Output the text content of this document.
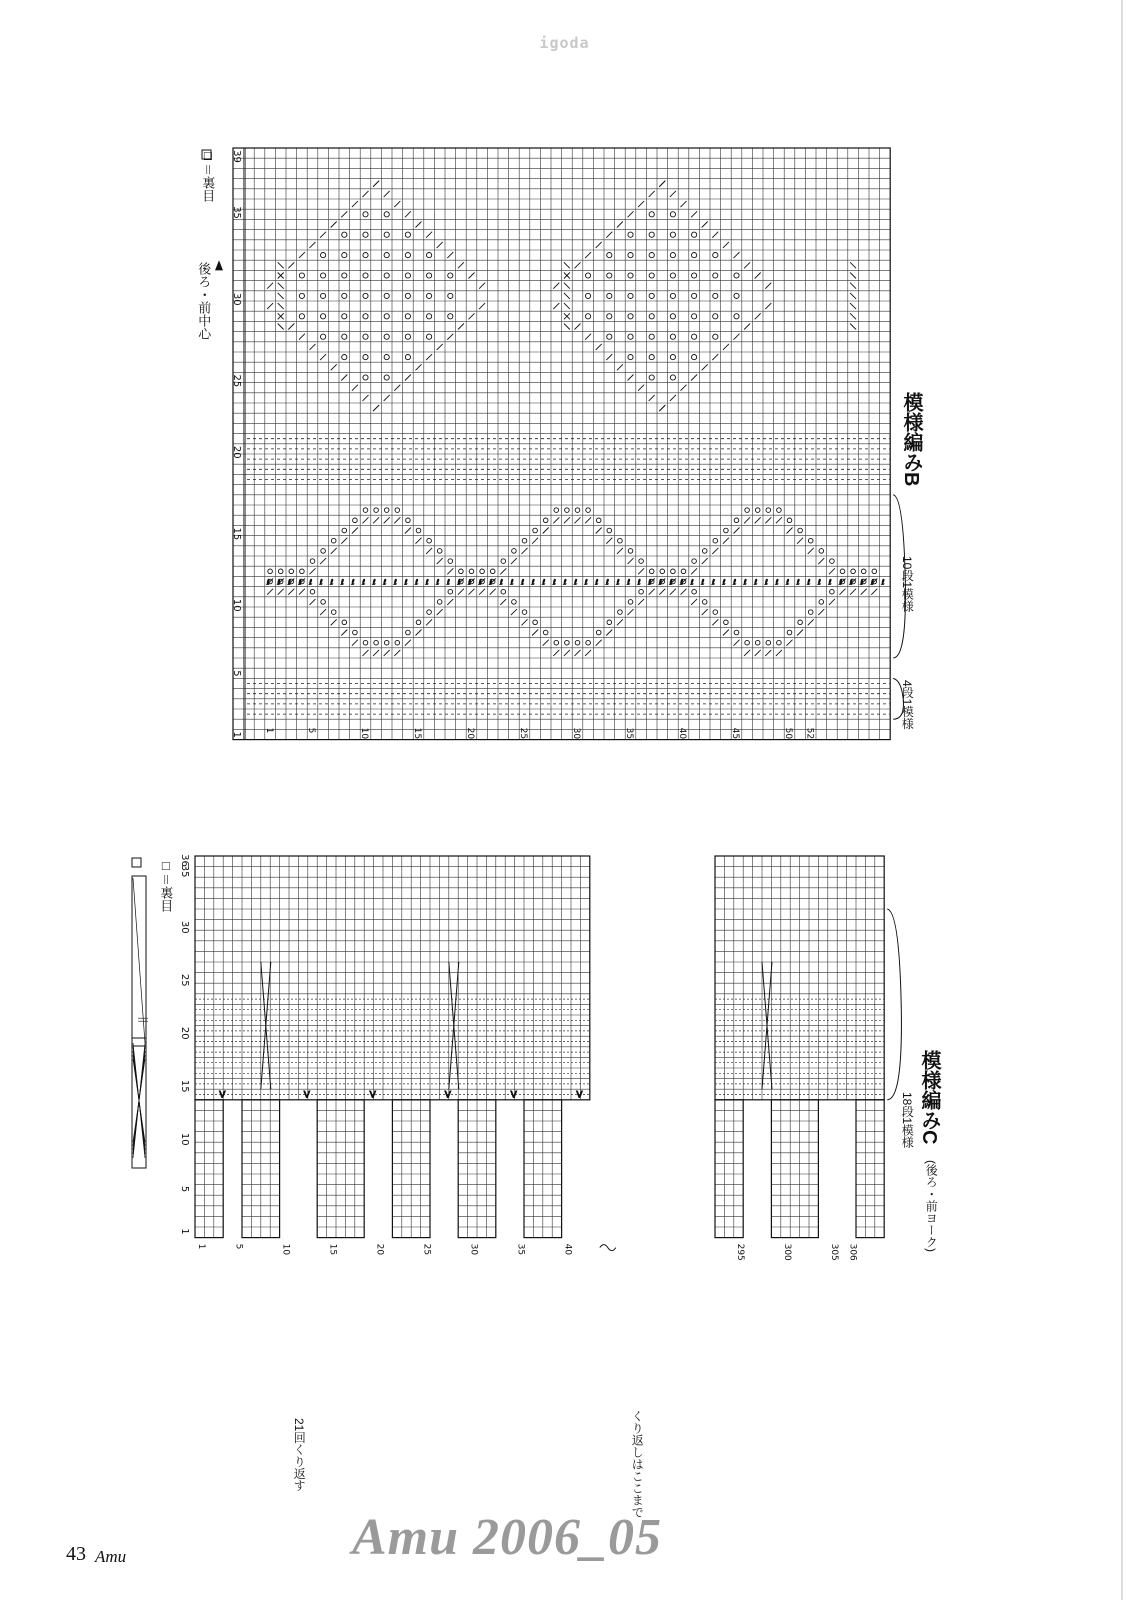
igoda
39
35
30
25
20
15
10
5
1
1	5	10	15	20	25	30	35	40	45	50 52
ℓ ℓ ℓ ℓ ℓ ℓ ℓ ℓ ℓ ℓ ℓ ℓ ℓ ℓ ℓ ℓ ℓ ℓ ℓ ℓ ℓ ℓ ℓ ℓ ℓ ℓ ℓ ℓ ℓ ℓ ℓ ℓ ℓ ℓ ℓ ℓ ℓ ℓ ℓ ℓ ℓ ℓ ℓ ℓ ℓ ℓ ℓ ℓ ℓ ℓ ℓ ℓ ℓ ℓ ℓ ℓ ℓ ℓ ℓ
□＝裏目
後ろ・前中心
模様編みB
10段1模様
4段1模様
V	V	V	V	V	V
36
35
30
25
20
15
10
5
1
1	5	10	15	20	25	30	35	40	295	300	305 306
□＝裏目
模様編みC
(後ろ・前ヨーク)
18段1模様
21回くり返す	くり返しはここまで
＝
43 Amu	Amu 2006_05
